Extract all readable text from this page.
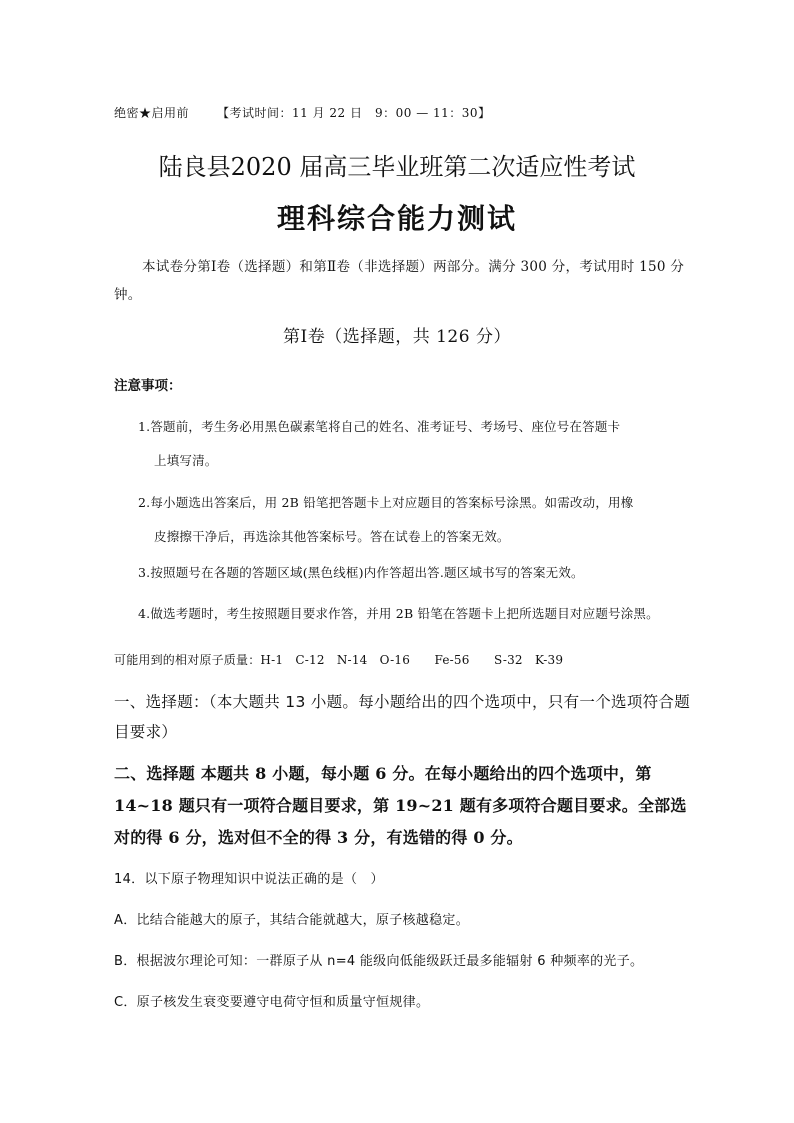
绝密★启用前 【考试时间：11 月 22 日　9：00 — 11：30】
陆良县2020 届高三毕业班第二次适应性考试
理科综合能力测试
本试卷分第Ⅰ卷（选择题）和第Ⅱ卷（非选择题）两部分。满分 300 分，考试用时 150 分钟。
第Ⅰ卷（选择题，共 126 分）
注意事项：
1.答题前，考生务必用黑色碳素笔将自己的姓名、准考证号、考场号、座位号在答题卡
上填写清。
2.每小题选出答案后，用 2B 铅笔把答题卡上对应题目的答案标号涂黑。如需改动，用橡
皮擦擦干净后，再选涂其他答案标号。答在试卷上的答案无效。
3.按照题号在各题的答题区域(黑色线框)内作答超出答.题区域书写的答案无效。
4.做选考题时，考生按照题目要求作答，并用 2B 铅笔在答题卡上把所选题目对应题号涂黑。
可能用到的相对原子质量：H-1　C-12　N-14　O-16　　Fe-56　　S-32　K-39
一、选择题：（本大题共 13 小题。每小题给出的四个选项中，只有一个选项符合题目要求）
二、选择题 本题共 8 小题，每小题 6 分。在每小题给出的四个选项中，第 14~18 题只有一项符合题目要求，第 19~21 题有多项符合题目要求。全部选对的得 6 分，选对但不全的得 3 分，有选错的得 0 分。
14．以下原子物理知识中说法正确的是（　）
A．比结合能越大的原子，其结合能就越大，原子核越稳定。
B．根据波尔理论可知：一群原子从 n=4 能级向低能级跃迁最多能辐射 6 种频率的光子。
C．原子核发生衰变要遵守电荷守恒和质量守恒规律。
